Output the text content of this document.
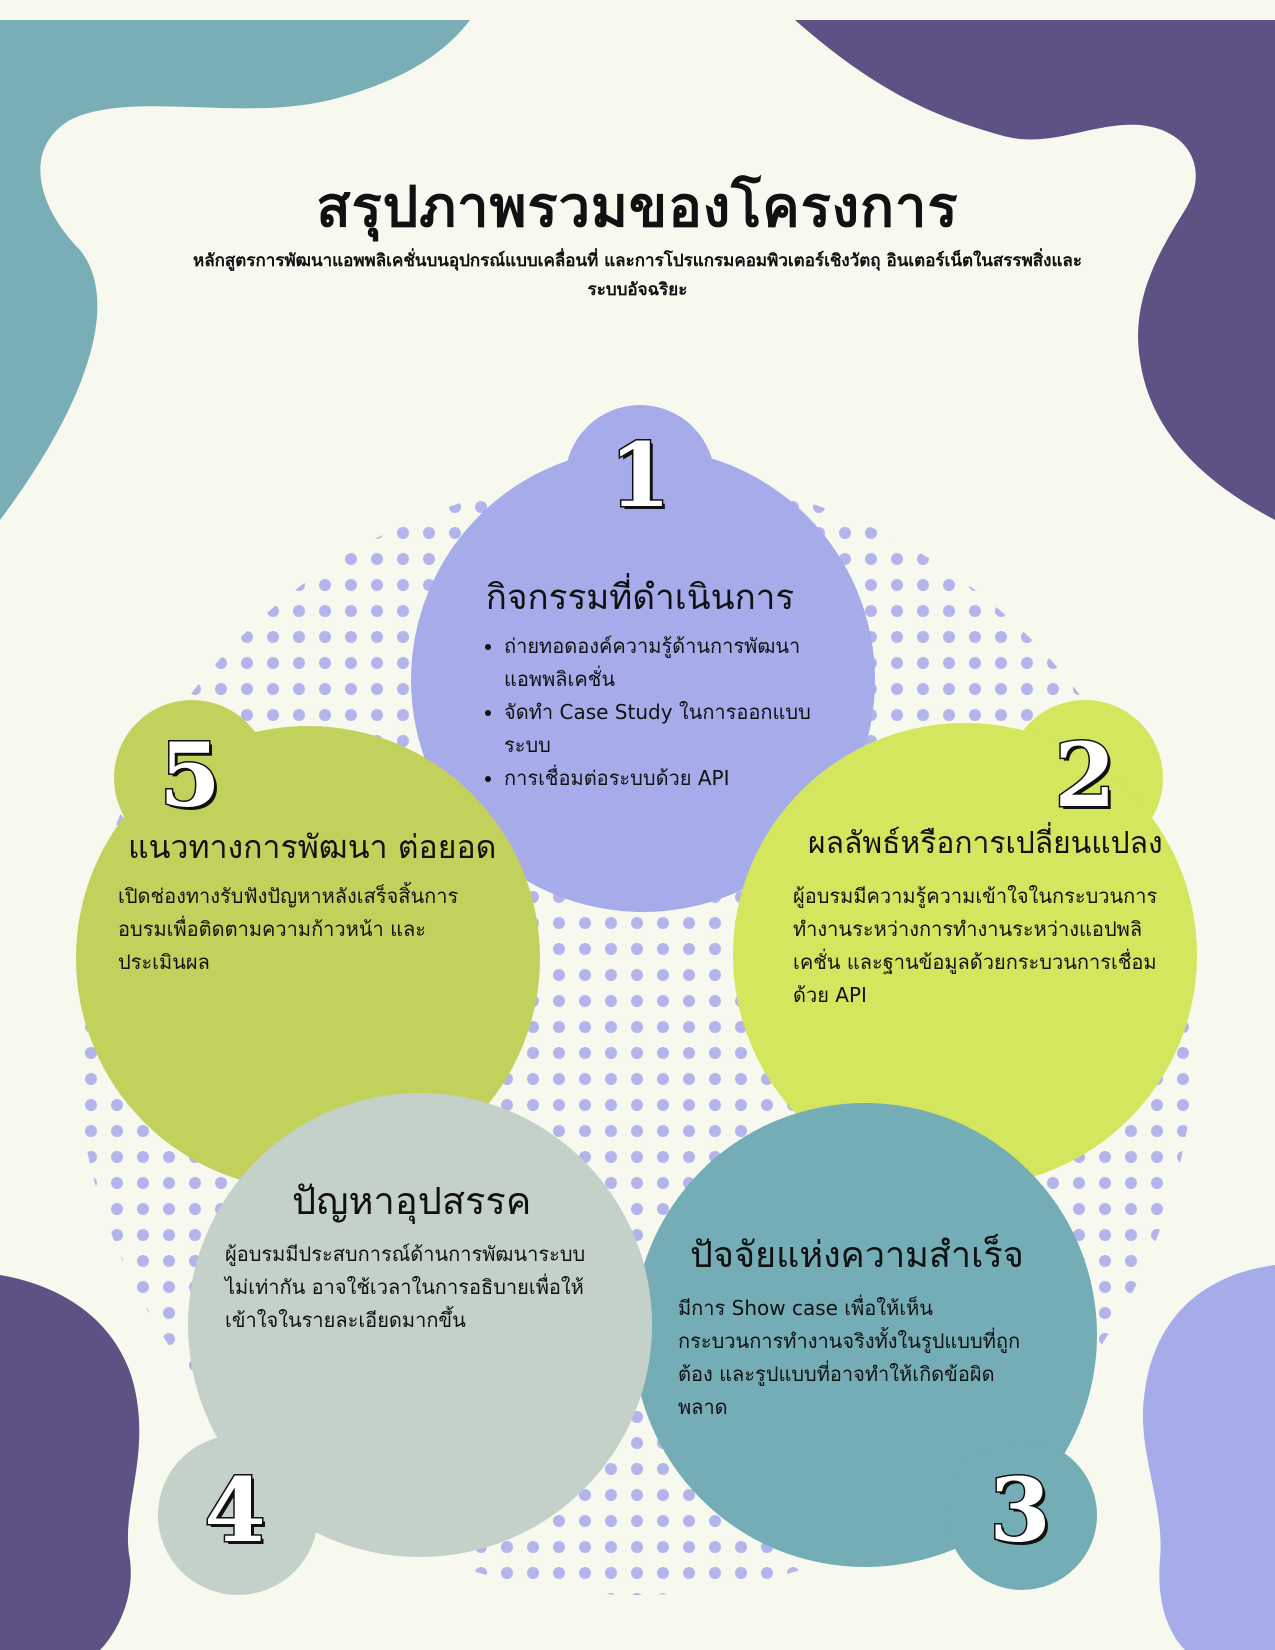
สรุปภาพรวมของโครงการ
หลักสูตรการพัฒนาแอพพลิเคชั่นบนอุปกรณ์แบบเคลื่อนที่ และการโปรแกรมคอมพิวเตอร์เชิงวัตถุ อินเตอร์เน็ตในสรรพสิ่งและระบบอัจฉริยะ
1
กิจกรรมที่ดำเนินการ
• ถ่ายทอดองค์ความรู้ด้านการพัฒนาแอพพลิเคชั่น
• จัดทำ Case Study ในการออกแบบระบบ
• การเชื่อมต่อระบบด้วย API
5
แนวทางการพัฒนา ต่อยอด
เปิดช่องทางรับฟังปัญหาหลังเสร็จสิ้นการอบรมเพื่อติดตามความก้าวหน้า และประเมินผล
2
ผลลัพธ์หรือการเปลี่ยนแปลง
ผู้อบรมมีความรู้ความเข้าใจในกระบวนการทำงานระหว่างการทำงานระหว่างแอปพลิเคชั่น และฐานข้อมูลด้วยกระบวนการเชื่อมด้วย API
ปัญหาอุปสรรค
ผู้อบรมมีประสบการณ์ด้านการพัฒนาระบบไม่เท่ากัน อาจใช้เวลาในการอธิบายเพื่อให้เข้าใจในรายละเอียดมากขึ้น
4
ปัจจัยแห่งความสำเร็จ
มีการ Show case เพื่อให้เห็นกระบวนการทำงานจริงทั้งในรูปแบบที่ถูกต้อง และรูปแบบที่อาจทำให้เกิดข้อผิดพลาด
3
